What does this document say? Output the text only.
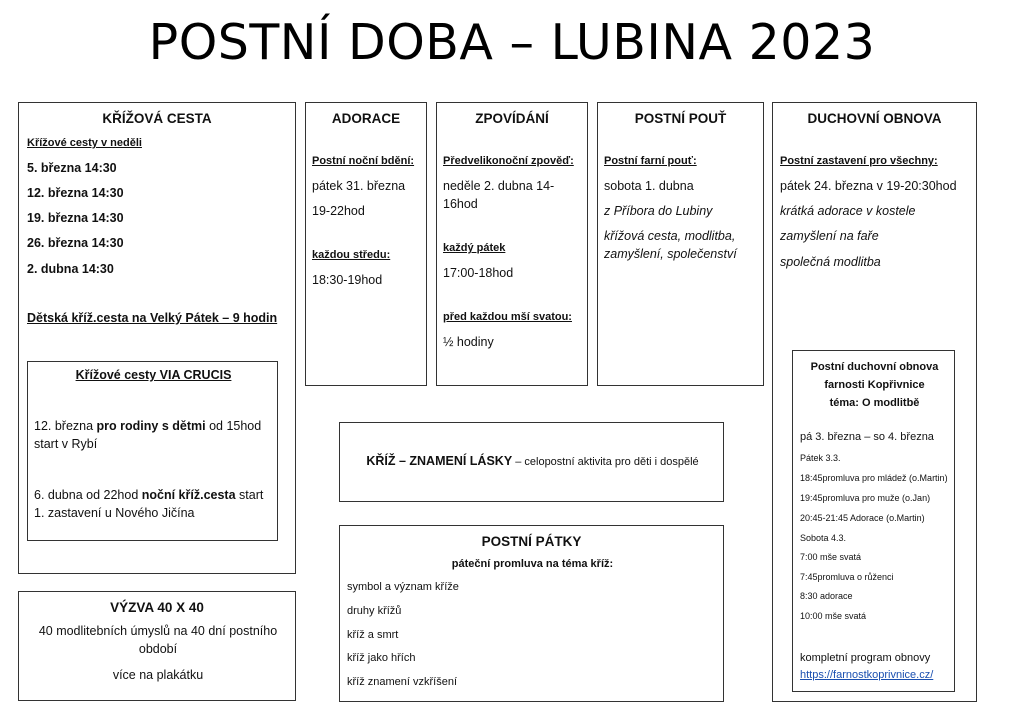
POSTNÍ DOBA – LUBINA 2023
KŘÍŽOVÁ CESTA
Křížové cesty v neděli
5. března 14:30
12. března 14:30
19. března 14:30
26. března 14:30
2. dubna 14:30
Dětská kříž.cesta na Velký Pátek – 9 hodin
Křížové cesty VIA CRUCIS
12. března pro rodiny s dětmi od 15hod
start v Rybí
6. dubna od 22hod noční kříž.cesta start
1. zastavení u Nového Jičína
VÝZVA 40 X 40
40 modlitebních úmyslů na 40 dní postního
období
více na plakátku
ADORACE
Postní noční bdění:
pátek 31. března
19-22hod
každou středu:
18:30-19hod
ZPOVÍDÁNÍ
Předvelikonoční zpověď:
neděle 2. dubna 14-
16hod
každý pátek
17:00-18hod
před každou mší svatou:
½ hodiny
POSTNÍ POUŤ
Postní farní pouť:
sobota 1. dubna
z Příbora do Lubiny
křížová cesta, modlitba,
zamyšlení, společenství
DUCHOVNÍ OBNOVA
Postní zastavení pro všechny:
pátek 24. března v 19-20:30hod
krátká adorace v kostele
zamyšlení na faře
společná modlitba
Postní duchovní obnova
farnosti Kopřivnice
téma: O modlitbě
pá 3. března – so 4. března
Pátek 3.3.
18:45promluva pro mládež (o.Martin)
19:45promluva pro muže (o.Jan)
20:45-21:45 Adorace (o.Martin)
Sobota 4.3.
7:00 mše svatá
7:45promluva o růženci
8:30 adorace
10:00 mše svatá
kompletní program obnovy
https://farnostkoprivnice.cz/
KŘÍŽ – ZNAMENÍ LÁSKY – celopostní aktivita pro děti i dospělé
POSTNÍ PÁTKY
páteční promluva na téma kříž:
symbol a význam kříže
druhy křížů
kříž a smrt
kříž jako hřích
kříž znamení vzkříšení
